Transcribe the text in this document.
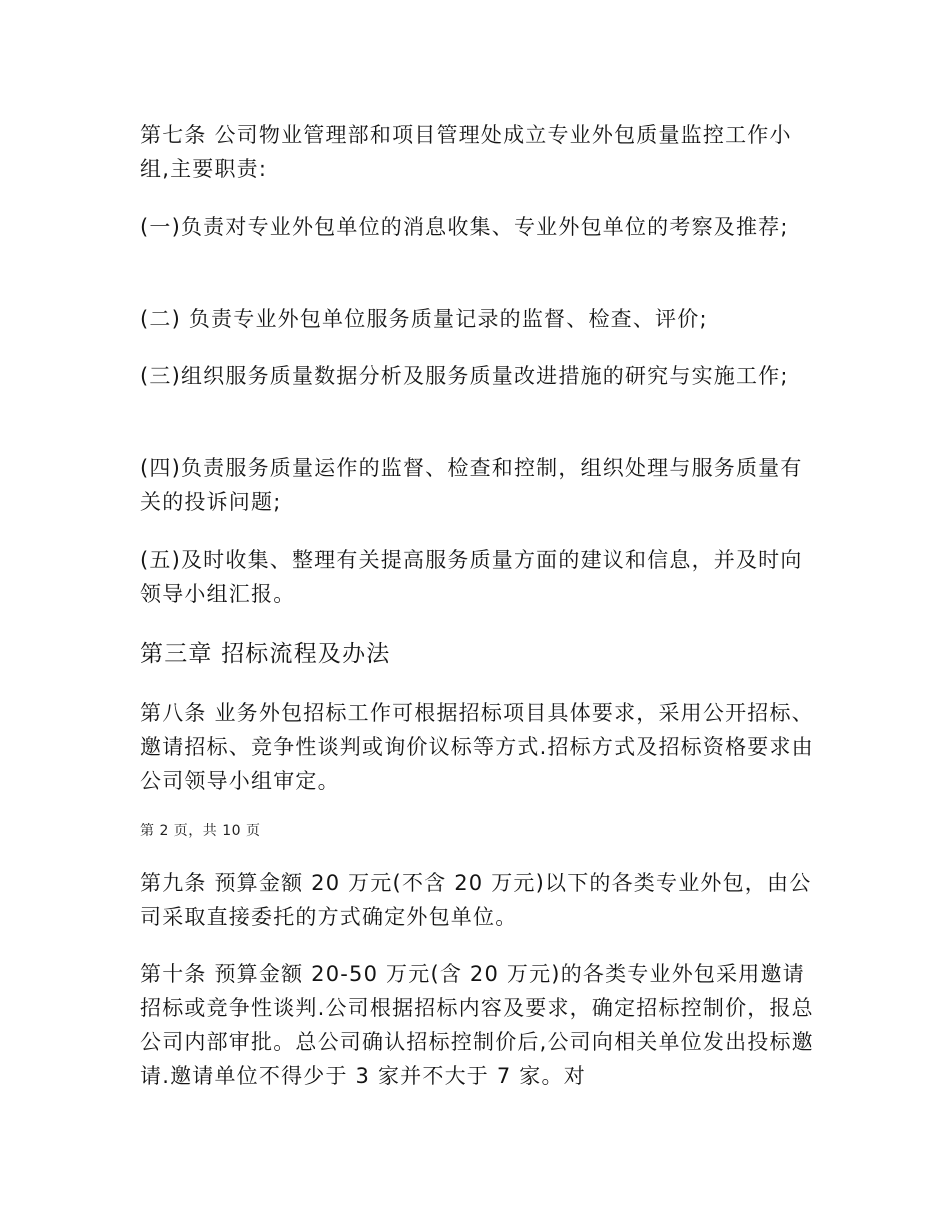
第七条 公司物业管理部和项目管理处成立专业外包质量监控工作小组,主要职责:

(一)负责对专业外包单位的消息收集、专业外包单位的考察及推荐;

(二) 负责专业外包单位服务质量记录的监督、检查、评价;

(三)组织服务质量数据分析及服务质量改进措施的研究与实施工作;

(四)负责服务质量运作的监督、检查和控制，组织处理与服务质量有关的投诉问题;

(五)及时收集、整理有关提高服务质量方面的建议和信息，并及时向领导小组汇报。

第三章 招标流程及办法

第八条 业务外包招标工作可根据招标项目具体要求，采用公开招标、邀请招标、竞争性谈判或询价议标等方式.招标方式及招标资格要求由公司领导小组审定。

第 2 页，共 10 页

第九条 预算金额 20 万元(不含 20 万元)以下的各类专业外包，由公司采取直接委托的方式确定外包单位。

第十条 预算金额 20-50 万元(含 20 万元)的各类专业外包采用邀请招标或竞争性谈判.公司根据招标内容及要求，确定招标控制价，报总公司内部审批。总公司确认招标控制价后,公司向相关单位发出投标邀请.邀请单位不得少于 3 家并不大于 7 家。对
